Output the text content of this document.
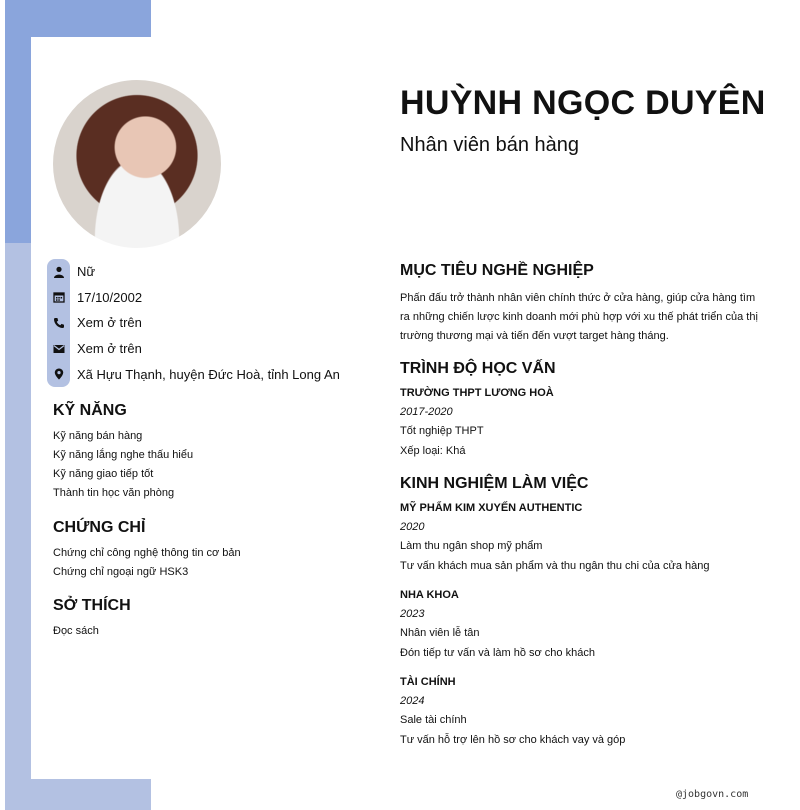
Nữ
17/10/2002
Xem ở trên
Xem ở trên
Xã Hựu Thạnh, huyện Đức Hoà, tỉnh Long An
KỸ NĂNG
Kỹ năng bán hàng
Kỹ năng lắng nghe thấu hiểu
Kỹ năng giao tiếp tốt
Thành tin học văn phòng
CHỨNG CHỈ
Chứng chỉ công nghệ thông tin cơ bản
Chứng chỉ ngoại ngữ HSK3
SỞ THÍCH
Đọc sách
HUỲNH NGỌC DUYÊN
Nhân viên bán hàng
MỤC TIÊU NGHỀ NGHIỆP
Phấn đấu trở thành nhân viên chính thức ở cửa hàng, giúp cửa hàng tìm ra những chiến lược kinh doanh mới phù hợp với xu thế phát triển của thị trường thương mại và tiến đến vượt target hàng tháng.
TRÌNH ĐỘ HỌC VẤN
TRƯỜNG THPT LƯƠNG HOÀ
2017-2020
Tốt nghiệp THPT
Xếp loại: Khá
KINH NGHIỆM LÀM VIỆC
MỸ PHẨM KIM XUYẾN AUTHENTIC
2020
Làm thu ngân shop mỹ phẩm
Tư vấn khách mua sản phẩm và thu ngân thu chi của cửa hàng
NHA KHOA
2023
Nhân viên lễ tân
Đón tiếp tư vấn và làm hồ sơ cho khách
TÀI CHÍNH
2024
Sale tài chính
Tư vấn hỗ trợ lên hồ sơ cho khách vay và góp
@jobgovn.com
